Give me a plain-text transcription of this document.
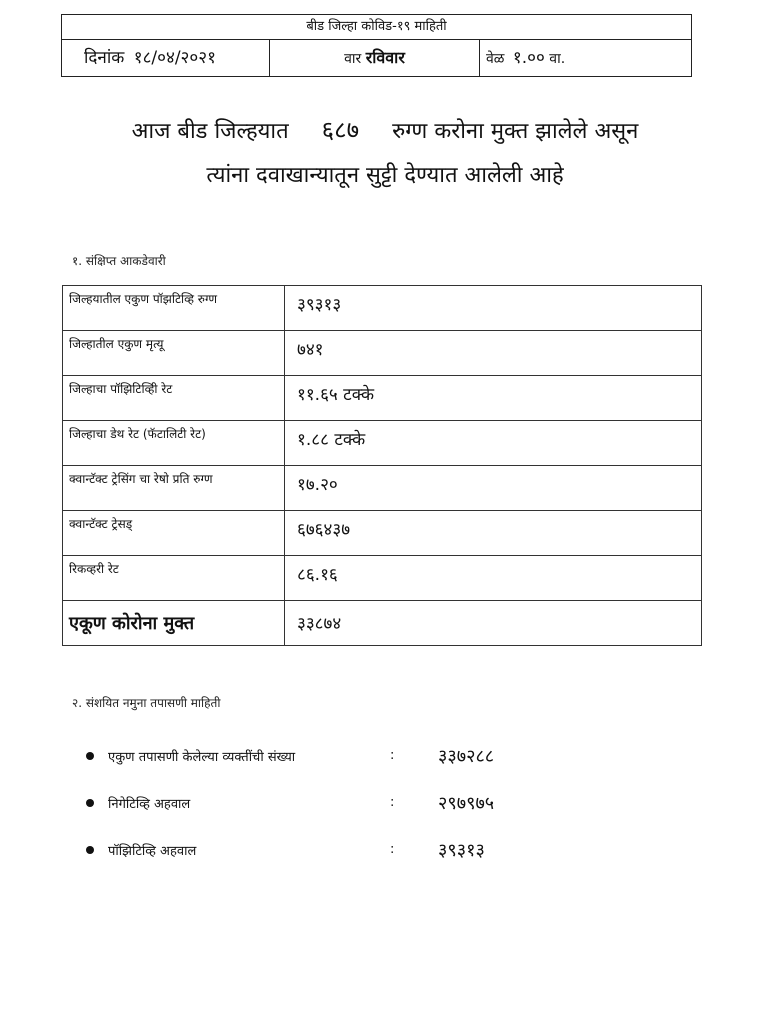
बीड जिल्हा कोविड-१९ माहिती
दिनांक १८/०४/२०२१	वार रविवार	वेळ १.०० वा.
आज बीड जिल्हयात ६८७ रुग्ण करोना मुक्त झालेले असून
त्यांना दवाखान्यातून सुट्टी देण्यात आलेली आहे
१. संक्षिप्त आकडेवारी
जिल्हयातील एकुण पॉझटिव्हि रुग्ण	३९३१३
जिल्हातील एकुण मृत्यू	७४१
जिल्हाचा पॉझिटिव्हिी रेट	११.६५ टक्के
जिल्हाचा डेथ रेट (फॅटालिटी रेट)	१.८८ टक्के
क्वान्टॅक्ट ट्रेसिंग चा रेषो प्रति रुग्ण	१७.२०
क्वान्टॅक्ट ट्रेसड्	६७६४३७
रिकव्हरी रेट	८६.१६
एकूण कोरोना मुक्त	३३८७४
२. संशयित नमुना तपासणी माहिती
एकुण तपासणी केलेल्या व्यक्तींची संख्या	:	३३७२८८
निगेटिव्हि अहवाल	:	२९७९७५
पॉझिटिव्हि अहवाल	:	३९३१३
